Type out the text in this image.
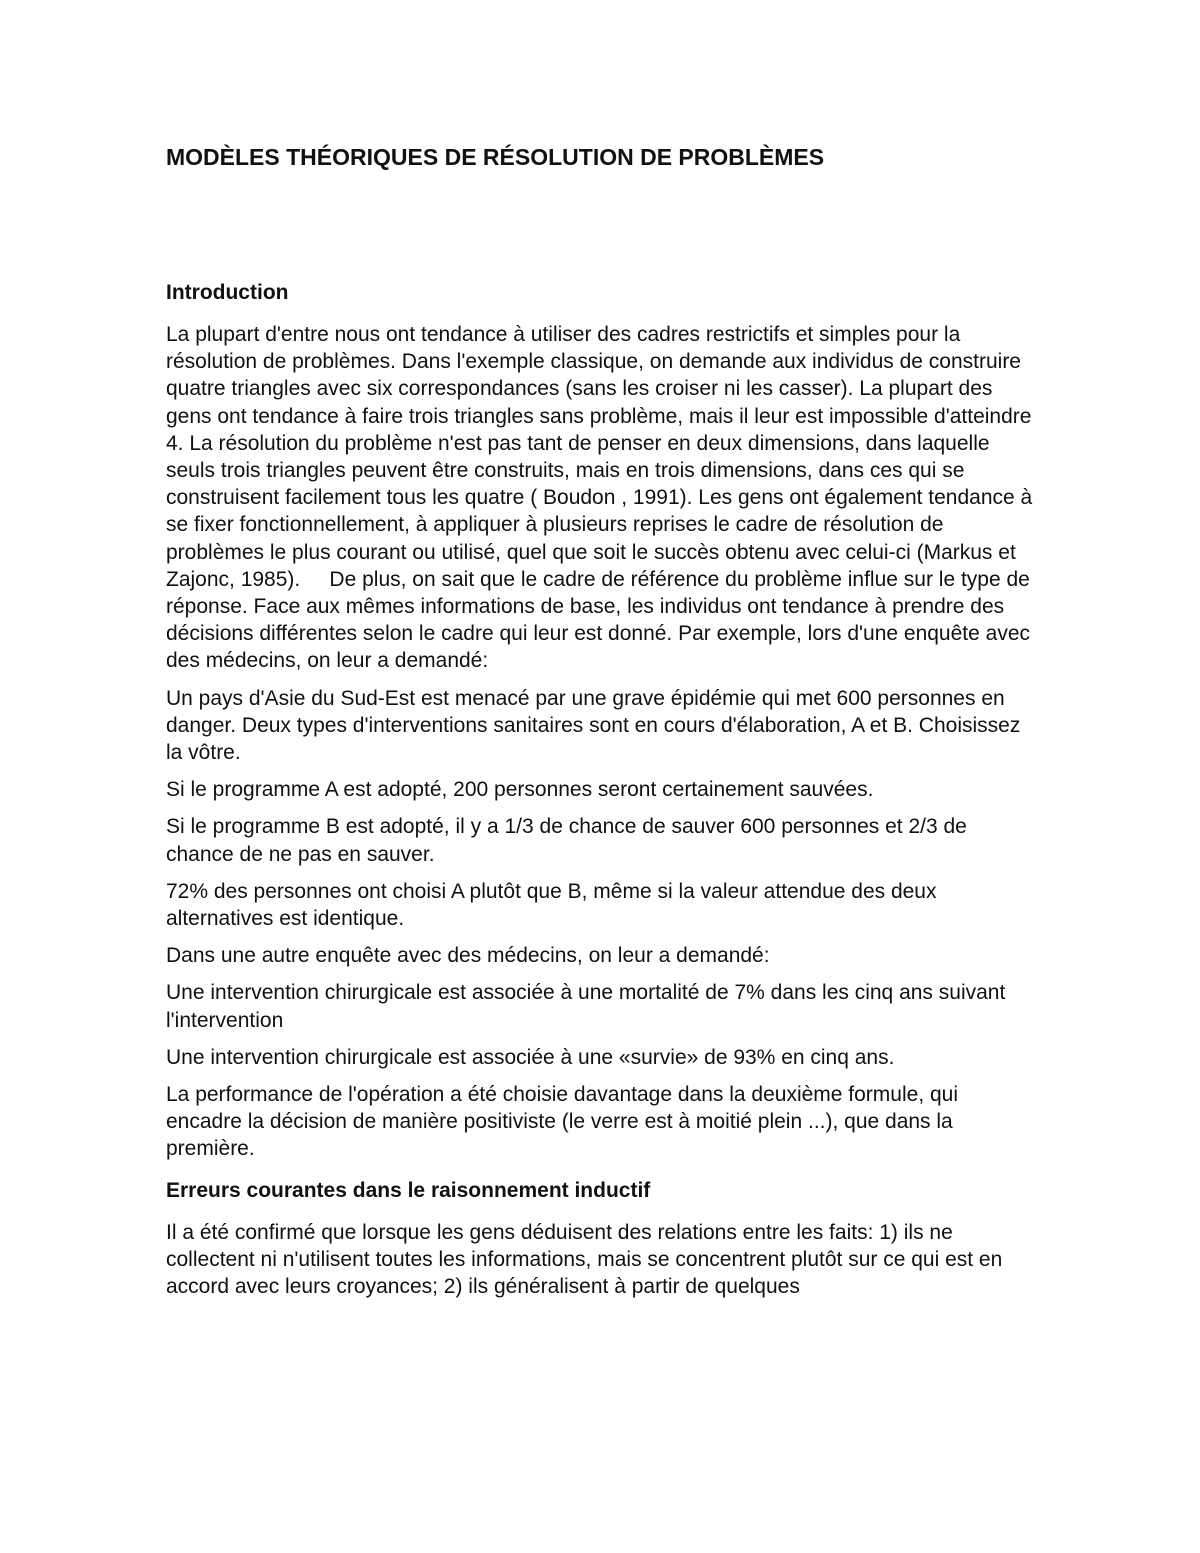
MODÈLES THÉORIQUES DE RÉSOLUTION DE PROBLÈMES
Introduction

La plupart d'entre nous ont tendance à utiliser des cadres restrictifs et simples pour la résolution de problèmes. Dans l'exemple classique, on demande aux individus de construire quatre triangles avec six correspondances (sans les croiser ni les casser). La plupart des gens ont tendance à faire trois triangles sans problème, mais il leur est impossible d'atteindre 4. La résolution du problème n'est pas tant de penser en deux dimensions, dans laquelle seuls trois triangles peuvent être construits, mais en trois dimensions, dans ces qui se construisent facilement tous les quatre ( Boudon , 1991). Les gens ont également tendance à se fixer fonctionnellement, à appliquer à plusieurs reprises le cadre de résolution de problèmes le plus courant ou utilisé, quel que soit le succès obtenu avec celui-ci (Markus et Zajonc, 1985).     De plus, on sait que le cadre de référence du problème influe sur le type de réponse. Face aux mêmes informations de base, les individus ont tendance à prendre des décisions différentes selon le cadre qui leur est donné. Par exemple, lors d'une enquête avec des médecins, on leur a demandé:

Un pays d'Asie du Sud-Est est menacé par une grave épidémie qui met 600 personnes en danger. Deux types d'interventions sanitaires sont en cours d'élaboration, A et B. Choisissez la vôtre.

Si le programme A est adopté, 200 personnes seront certainement sauvées.

Si le programme B est adopté, il y a 1/3 de chance de sauver 600 personnes et 2/3 de chance de ne pas en sauver.

72% des personnes ont choisi A plutôt que B, même si la valeur attendue des deux alternatives est identique.

Dans une autre enquête avec des médecins, on leur a demandé:

Une intervention chirurgicale est associée à une mortalité de 7% dans les cinq ans suivant l'intervention

Une intervention chirurgicale est associée à une «survie» de 93% en cinq ans.

La performance de l'opération a été choisie davantage dans la deuxième formule, qui encadre la décision de manière positiviste (le verre est à moitié plein ...), que dans la première.

Erreurs courantes dans le raisonnement inductif

Il a été confirmé que lorsque les gens déduisent des relations entre les faits: 1) ils ne collectent ni n'utilisent toutes les informations, mais se concentrent plutôt sur ce qui est en accord avec leurs croyances; 2) ils généralisent à partir de quelques
